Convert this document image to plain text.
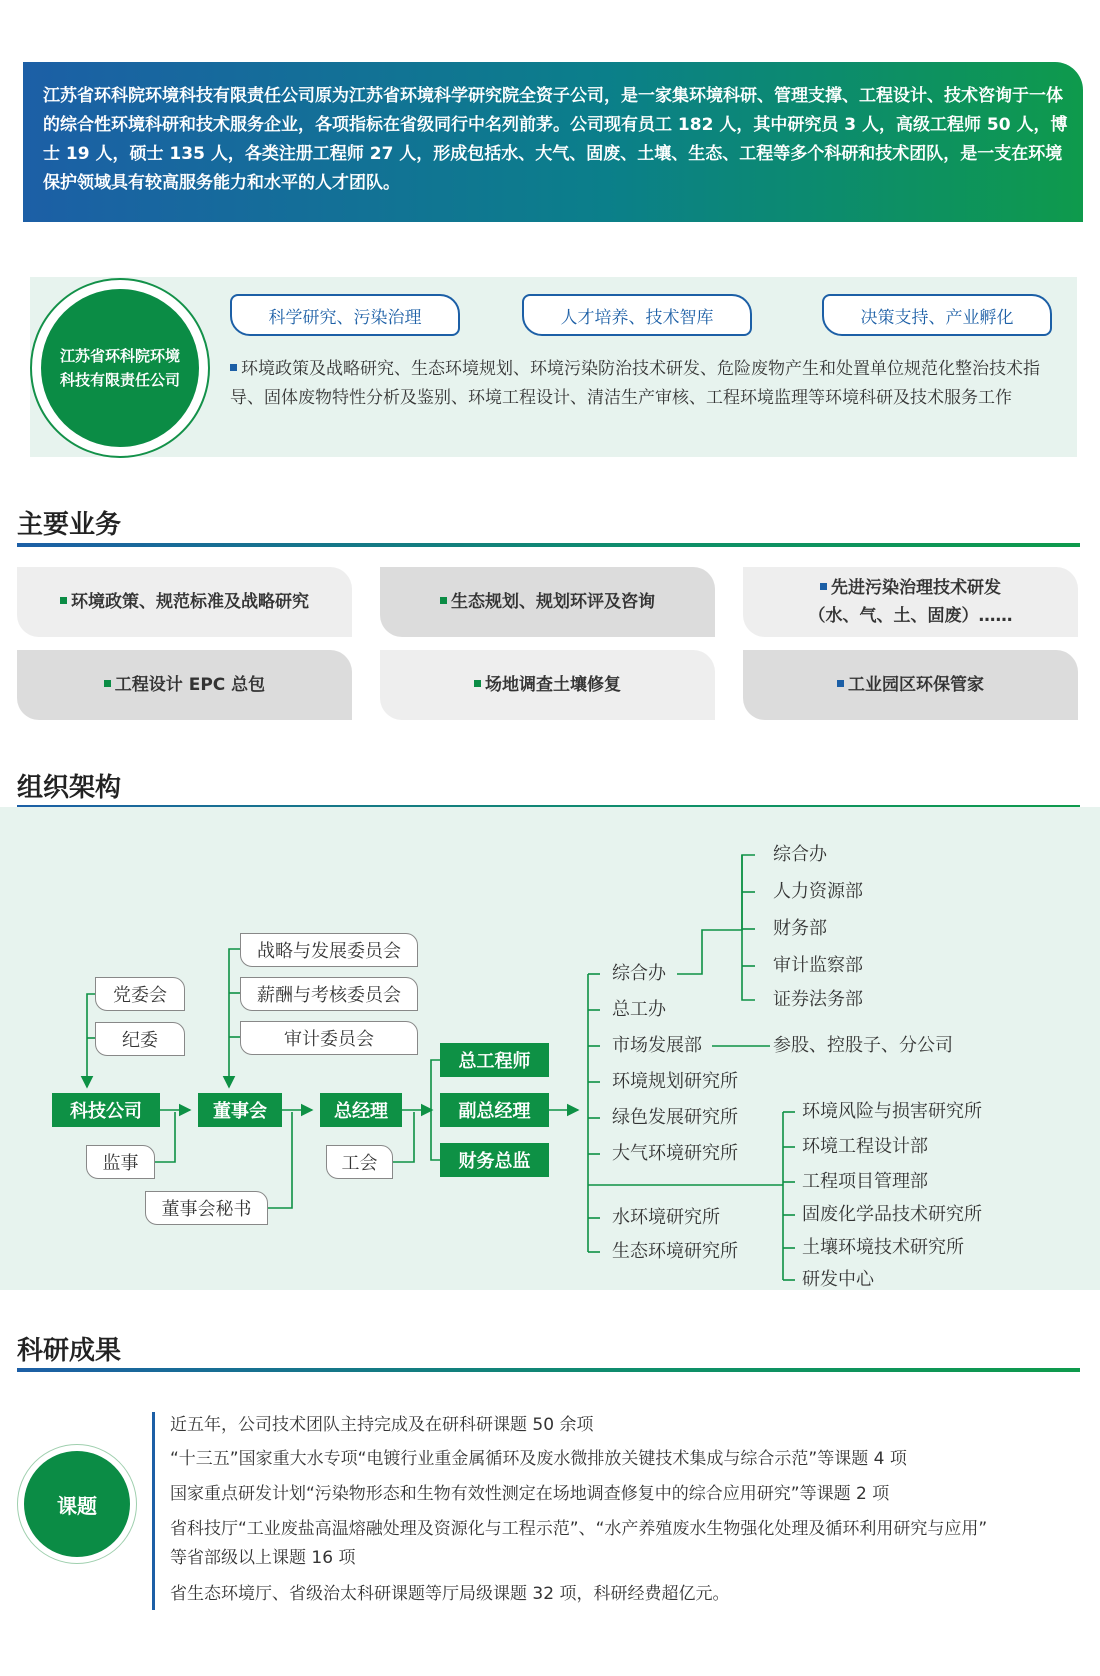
江苏省环科院环境科技有限责任公司原为江苏省环境科学研究院全资子公司，是一家集环境科研、管理支撑、工程设计、技术咨询于一体的综合性环境科研和技术服务企业，各项指标在省级同行中名列前茅。公司现有员工 182 人，其中研究员 3 人，高级工程师 50 人，博士 19 人，硕士 135 人，各类注册工程师 27 人，形成包括水、大气、固废、土壤、生态、工程等多个科研和技术团队，是一支在环境保护领域具有较高服务能力和水平的人才团队。

江苏省环科院环境
科技有限责任公司
科学研究、污染治理	人才培养、技术智库	决策支持、产业孵化
环境政策及战略研究、生态环境规划、环境污染防治技术研发、危险废物产生和处置单位规范化整治技术指导、固体废物特性分析及鉴别、环境工程设计、清洁生产审核、工程环境监理等环境科研及技术服务工作
主要业务
环境政策、规范标准及战略研究	生态规划、规划环评及咨询
先进污染治理技术研发
（水、气、土、固废）……
工程设计 EPC 总包	场地调查土壤修复	工业园区环保管家
组织架构
党委会
纪委
战略与发展委员会
薪酬与考核委员会
审计委员会
监事
董事会秘书
工会
科技公司	董事会	总经理
总工程师
副总经理
财务总监
综合办
总工办
市场发展部
环境规划研究所
绿色发展研究所
大气环境研究所
水环境研究所
生态环境研究所
综合办
人力资源部
财务部
审计监察部
证券法务部
参股、控股子、分公司
环境风险与损害研究所
环境工程设计部
工程项目管理部
固废化学品技术研究所
土壤环境技术研究所
研发中心
科研成果
课题
近五年，公司技术团队主持完成及在研科研课题 50 余项
“十三五”国家重大水专项“电镀行业重金属循环及废水微排放关键技术集成与综合示范”等课题 4 项
国家重点研发计划“污染物形态和生物有效性测定在场地调查修复中的综合应用研究”等课题 2 项
省科技厅“工业废盐高温熔融处理及资源化与工程示范”、“水产养殖废水生物强化处理及循环利用研究与应用”
等省部级以上课题 16 项
省生态环境厅、省级治太科研课题等厅局级课题 32 项，科研经费超亿元。
